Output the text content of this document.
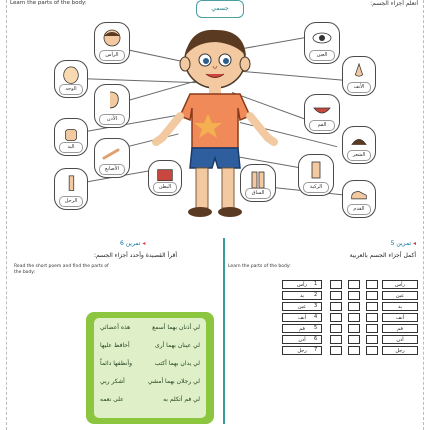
Learn the parts of the body:	أتعلم أجزاء الجسم:
جسمي
الرأس
الوجه
الأذن
اليد
الأصابع
الرجل
البطن
العين
الأنف
الفم
الشعر
الركبة
القدم
الساق
◂ تمرين 6
أقرأ القصيدة وأحدد أجزاء الجسم:
Read the short poem and find the parts of the body:
لي أذنان بهما أسمع
لي عينان بهما أرى
لي يدان بهما أكتب
لي رجلان بهما أمشي
لي فم أتكلم به
هذه أعضائي
أحافظ عليها
وأنظفها دائماً
أشكر ربي
على نعمه
◂ تمرين 5
أكمل أجزاء الجسم بالعربية
Learn the parts of the body:
رأس	1	رأس
يد	2	عين
عين	3	يد
أنف	4	أنف
فم	5	فم
أذن	6	أذن
رجل	7	رجل
